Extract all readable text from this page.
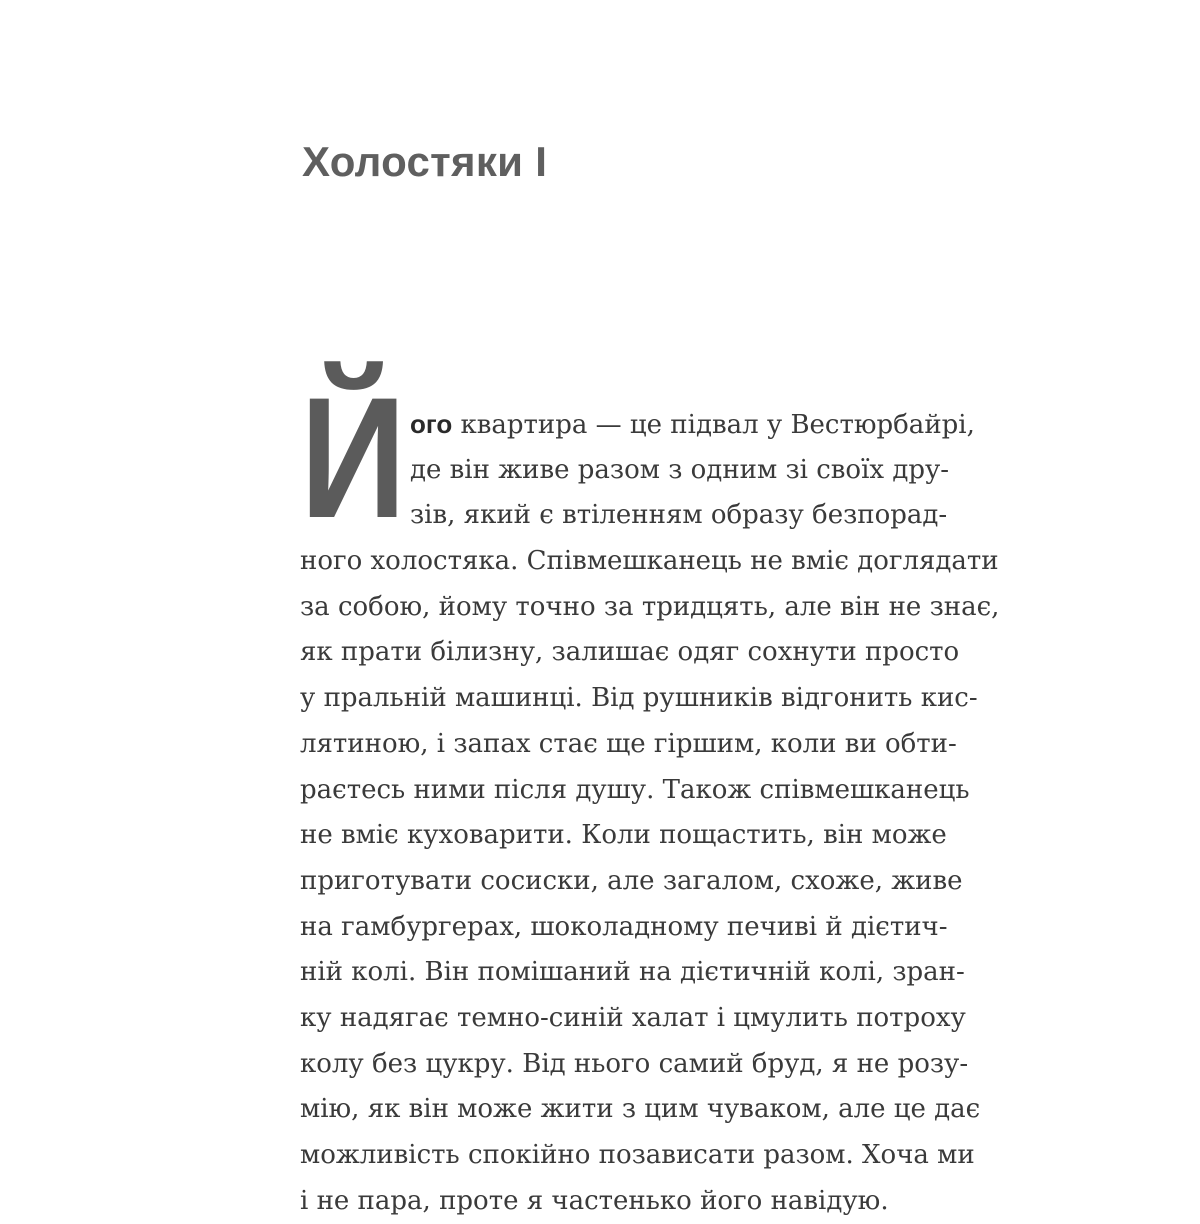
Холостяки I
Й ого квартира — це підвал у Вестюрбайрі,
де він живе разом з одним зі своїх дру-
зів, який є втіленням образу безпорад-
ного холостяка. Співмешканець не вміє доглядати
за собою, йому точно за тридцять, але він не знає,
як прати білизну, залишає одяг сохнути просто
у пральній машинці. Від рушників відгонить кис-
лятиною, і запах стає ще гіршим, коли ви обти-
раєтесь ними після душу. Також співмешканець
не вміє куховарити. Коли пощастить, він може
приготувати сосиски, але загалом, схоже, живе
на гамбургерах, шоколадному печиві й дієтич-
ній колі. Він помішаний на дієтичній колі, зран-
ку надягає темно-синій халат і цмулить потроху
колу без цукру. Від нього самий бруд, я не розу-
мію, як він може жити з цим чуваком, але це дає
можливість спокійно позависати разом. Хоча ми
і не пара, проте я частенько його навідую.
